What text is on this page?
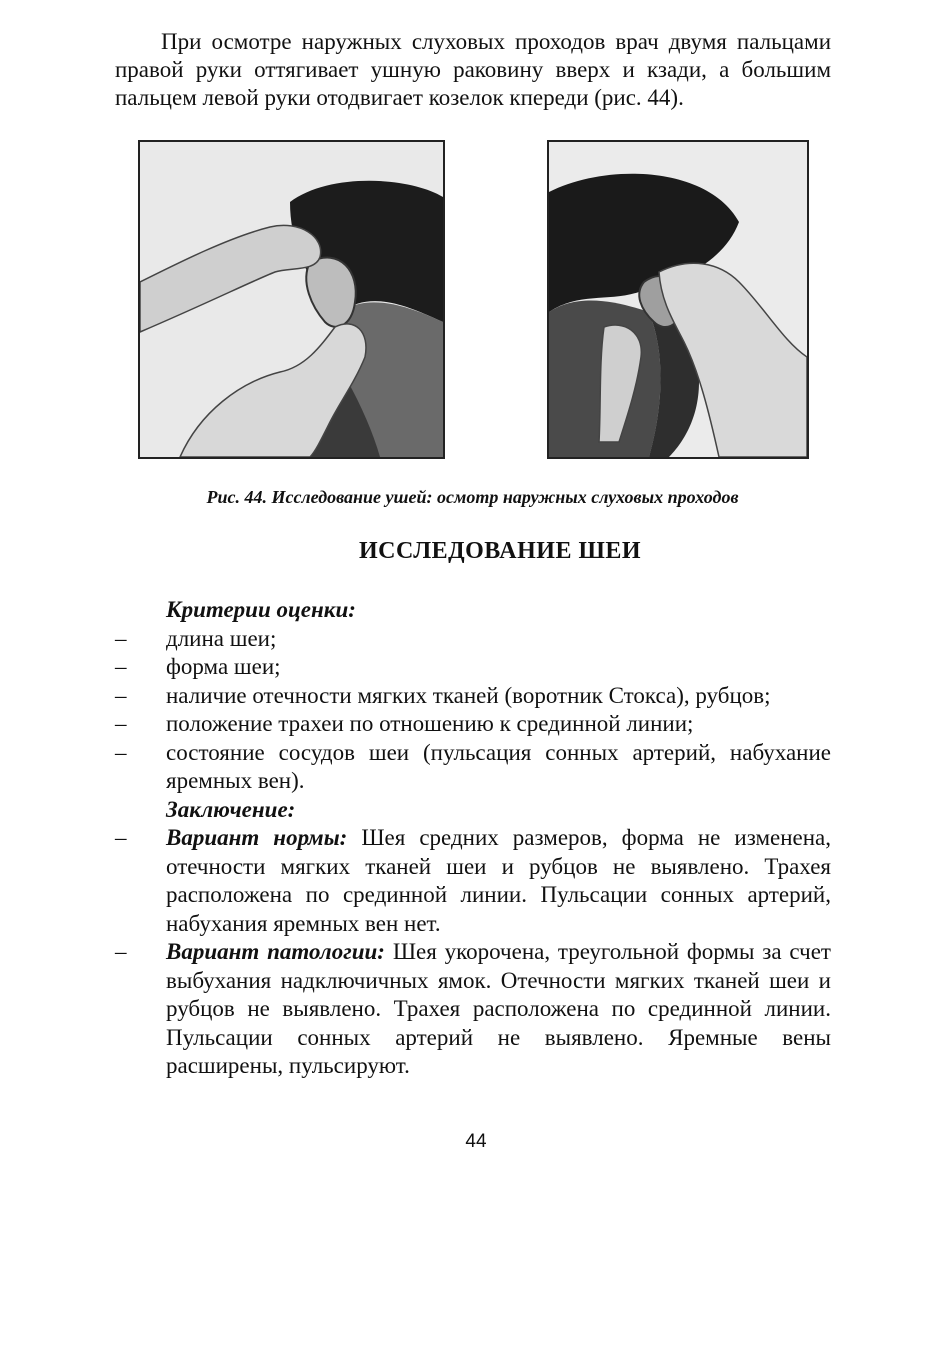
При осмотре наружных слуховых проходов врач двумя пальцами правой руки оттягивает ушную раковину вверх и кзади, а большим пальцем левой руки отодвигает козелок кпереди (рис. 44).

Рис. 44. Исследование ушей: осмотр наружных слуховых проходов
ИССЛЕДОВАНИЕ ШЕИ

Критерии оценки:

–	длина шеи;
–	форма шеи;
–	наличие отечности мягких тканей (воротник Стокса), рубцов;
–	положение трахеи по отношению к срединной линии;
–	состояние сосудов шеи (пульсация сонных артерий, набухание яремных вен).

Заключение:

–	Вариант нормы: Шея средних размеров, форма не изменена, отечности мягких тканей шеи и рубцов не выявлено. Трахея расположена по срединной линии. Пульсации сонных артерий, набухания яремных вен нет.
–	Вариант патологии: Шея укорочена, треугольной формы за счет выбухания надключичных ямок. Отечности мягких тканей шеи и рубцов не выявлено. Трахея расположена по срединной линии. Пульсации сонных артерий не выявлено. Яремные вены расширены, пульсируют.
44
